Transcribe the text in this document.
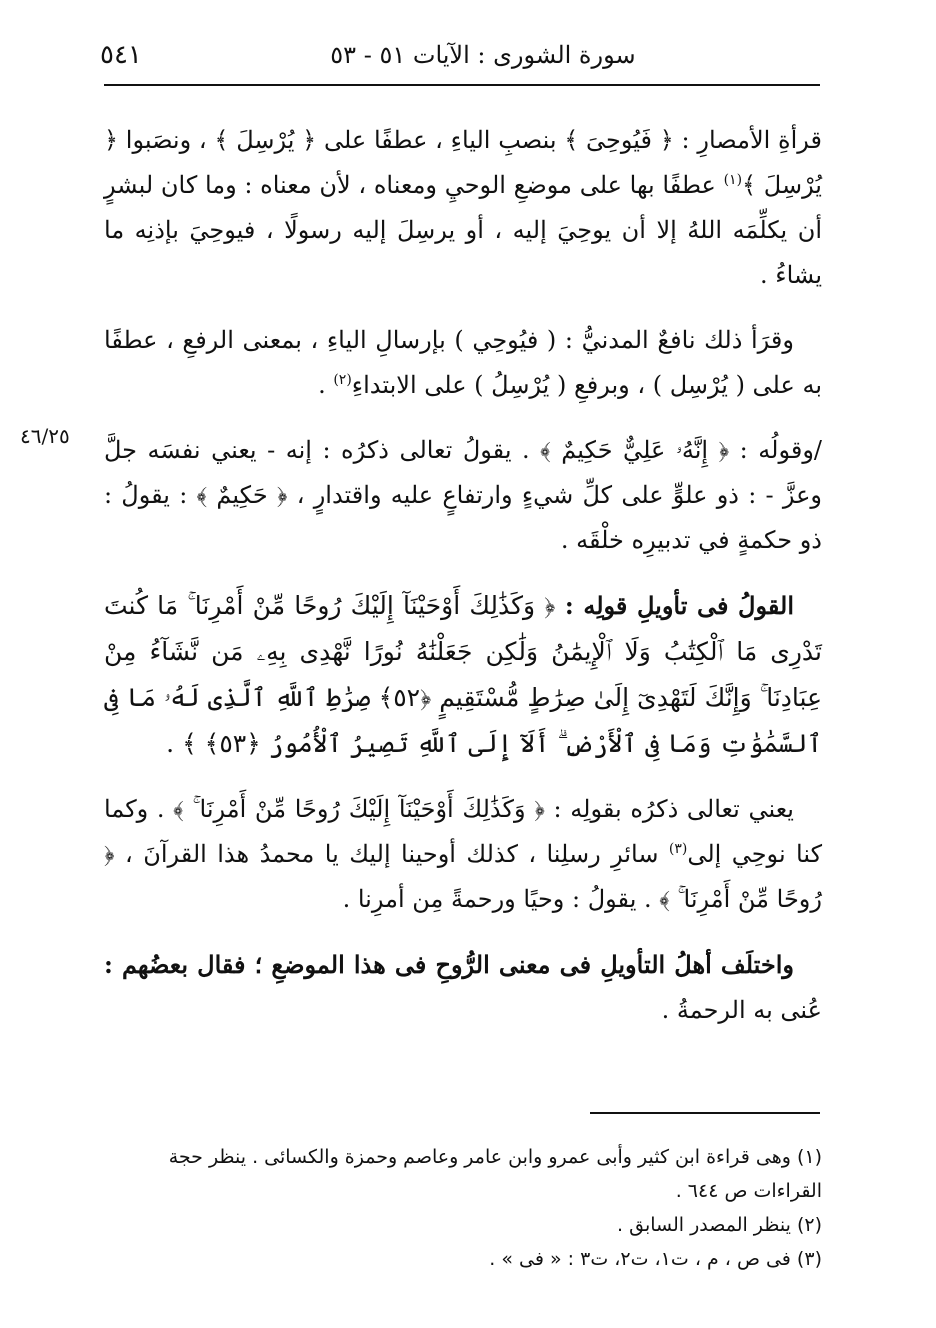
سورة الشورى : الآيات ٥١ - ٥٣
٥٤١
٤٦/٢٥

قرأةِ الأمصارِ : ﴿ فَيُوحِىَ ﴾ بنصبِ الياءِ ، عطفًا على ﴿ يُرْسِلَ ﴾ ، ونصَبوا ﴿ يُرْسِلَ ﴾$^{(١)}$ عطفًا بها على موضعِ الوحيِ ومعناه ، لأن معناه : وما كان لبشرٍ أن يكلِّمَه اللهُ إلا أن يوحِيَ إليه ، أو يرسِلَ إليه رسولًا ، فيوحِيَ بإذنِه ما يشاءُ .

وقرَأ ذلك نافعٌ المدنيُّ : ( فيُوحِي ) بإرسالِ الياءِ ، بمعنى الرفعِ ، عطفًا به على ( يُرْسِل ) ، وبرفعِ ( يُرْسِلُ ) على الابتداءِ$^{(٢)}$ .

/وقولُه : ﴿ إِنَّهُۥ عَلِيٌّ حَكِيمٌ ﴾ . يقولُ تعالى ذكرُه : إنه - يعني نفسَه جلَّ وعزَّ - : ذو علوٍّ على كلِّ شيءٍ وارتفاعٍ عليه واقتدارٍ ، ﴿ حَكِيمٌ ﴾ : يقولُ : ذو حكمةٍ في تدبيرِه خلْقَه .

القولُ فى تأويلِ قولِه : ﴿ وَكَذَٰلِكَ أَوْحَيْنَآ إِلَيْكَ رُوحًا مِّنْ أَمْرِنَا ۚ مَا كُنتَ تَدْرِى مَا ٱلْكِتَٰبُ وَلَا ٱلْإِيمَٰنُ وَلَٰكِن جَعَلْنَٰهُ نُورًا نَّهْدِى بِهِۦ مَن نَّشَآءُ مِنْ عِبَادِنَا ۚ وَإِنَّكَ لَتَهْدِىٓ إِلَىٰ صِرَٰطٍ مُّسْتَقِيمٍ ﴿٥٢﴾ صِرَٰطِ ٱللَّهِ ٱلَّذِى لَهُۥ مَا فِى ٱلسَّمَٰوَٰتِ وَمَا فِى ٱلْأَرْضِ ۗ أَلَآ إِلَى ٱللَّهِ تَصِيرُ ٱلْأُمُورُ ﴿٥٣﴾ ﴾ .

يعني تعالى ذكرُه بقولِه : ﴿ وَكَذَٰلِكَ أَوْحَيْنَآ إِلَيْكَ رُوحًا مِّنْ أَمْرِنَا ۚ ﴾ . وكما كنا نوحِي إلى$^{(٣)}$ سائرِ رسلِنا ، كذلك أوحينا إليك يا محمدُ هذا القرآنَ ، ﴿ رُوحًا مِّنْ أَمْرِنَا ۚ ﴾ . يقولُ : وحيًا ورحمةً مِن أمرِنا .

واختلَف أهلُ التأويلِ فى معنى الرُّوحِ فى هذا الموضعِ ؛ فقال بعضُهم : عُنى به الرحمةُ .

(١) وهى قراءة ابن كثير وأبى عمرو وابن عامر وعاصم وحمزة والكسائى . ينظر حجة القراءات ص ٦٤٤ .

(٢) ينظر المصدر السابق .

(٣) فى ص ، م ، ت١، ت٢، ت٣ : « فى » .
